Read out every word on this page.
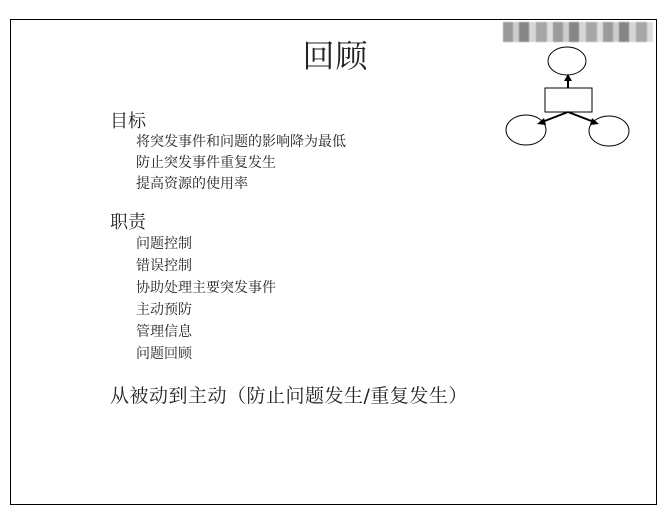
回顾
目标
将突发事件和问题的影响降为最低
防止突发事件重复发生
提高资源的使用率
职责
问题控制
错误控制
协助处理主要突发事件
主动预防
管理信息
问题回顾
从被动到主动（防止问题发生/重复发生）
